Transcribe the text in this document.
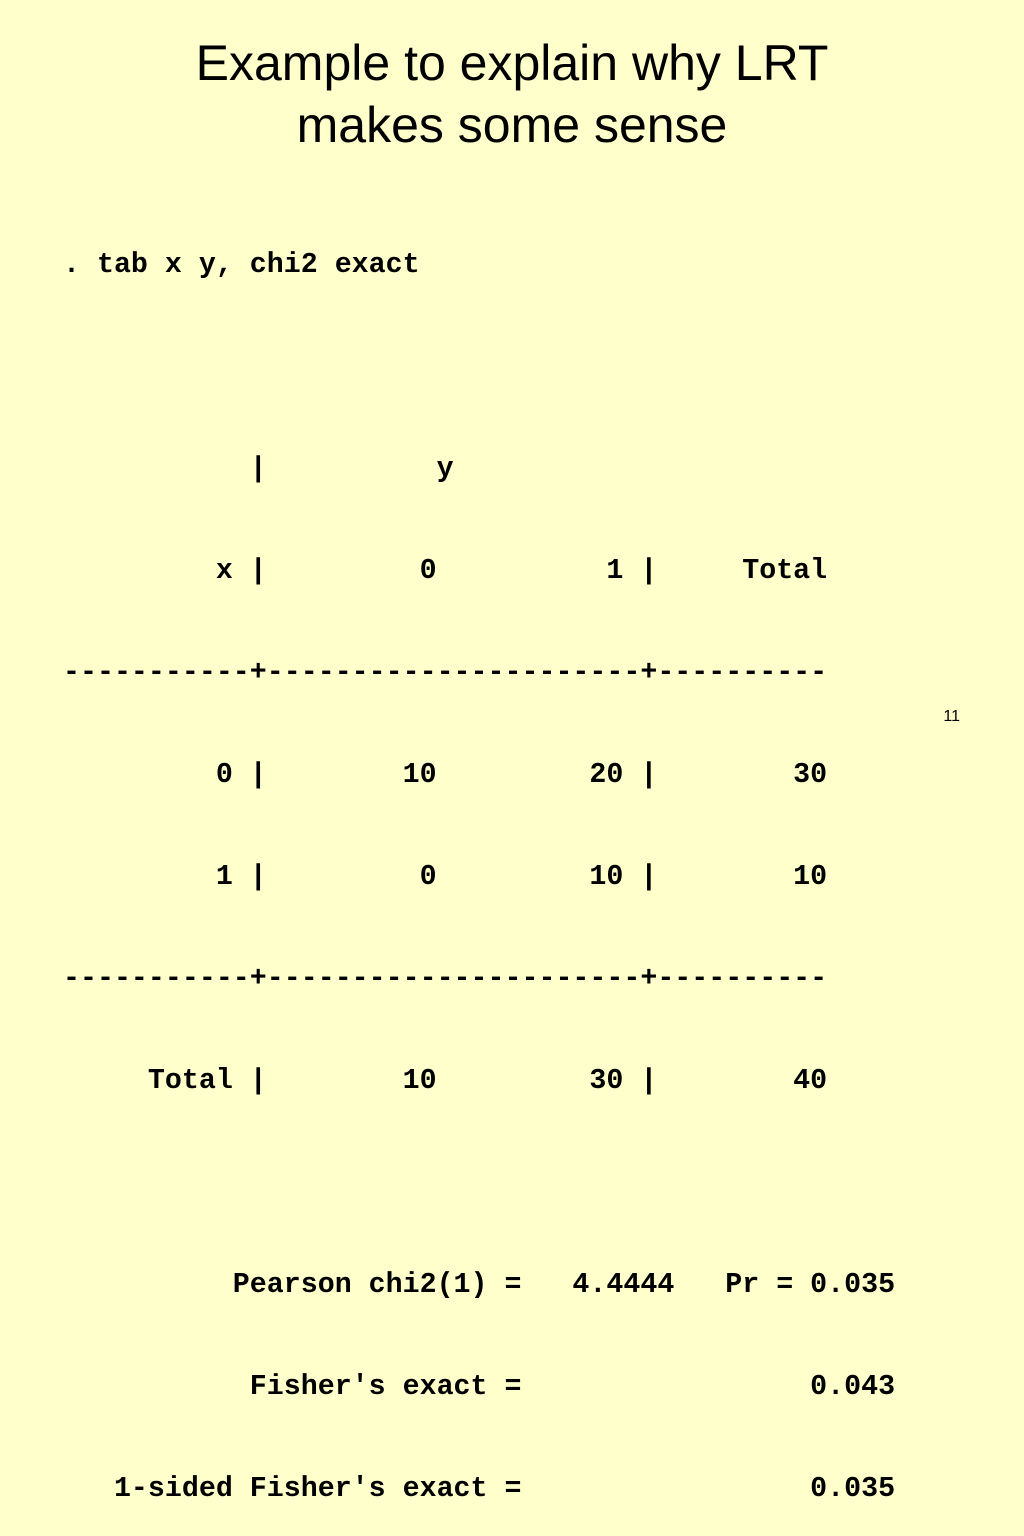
Example to explain why LRT
makes some sense

. tab x y, chi2 exact

|          y

x |         0          1 |     Total

-----------+----------------------+----------

0 |        10         20 |        30

1 |         0         10 |        10

-----------+----------------------+----------

Total |        10         30 |        40

Pearson chi2(1) =   4.4444   Pr = 0.035

Fisher's exact =                 0.043

1-sided Fisher's exact =                 0.035

11
